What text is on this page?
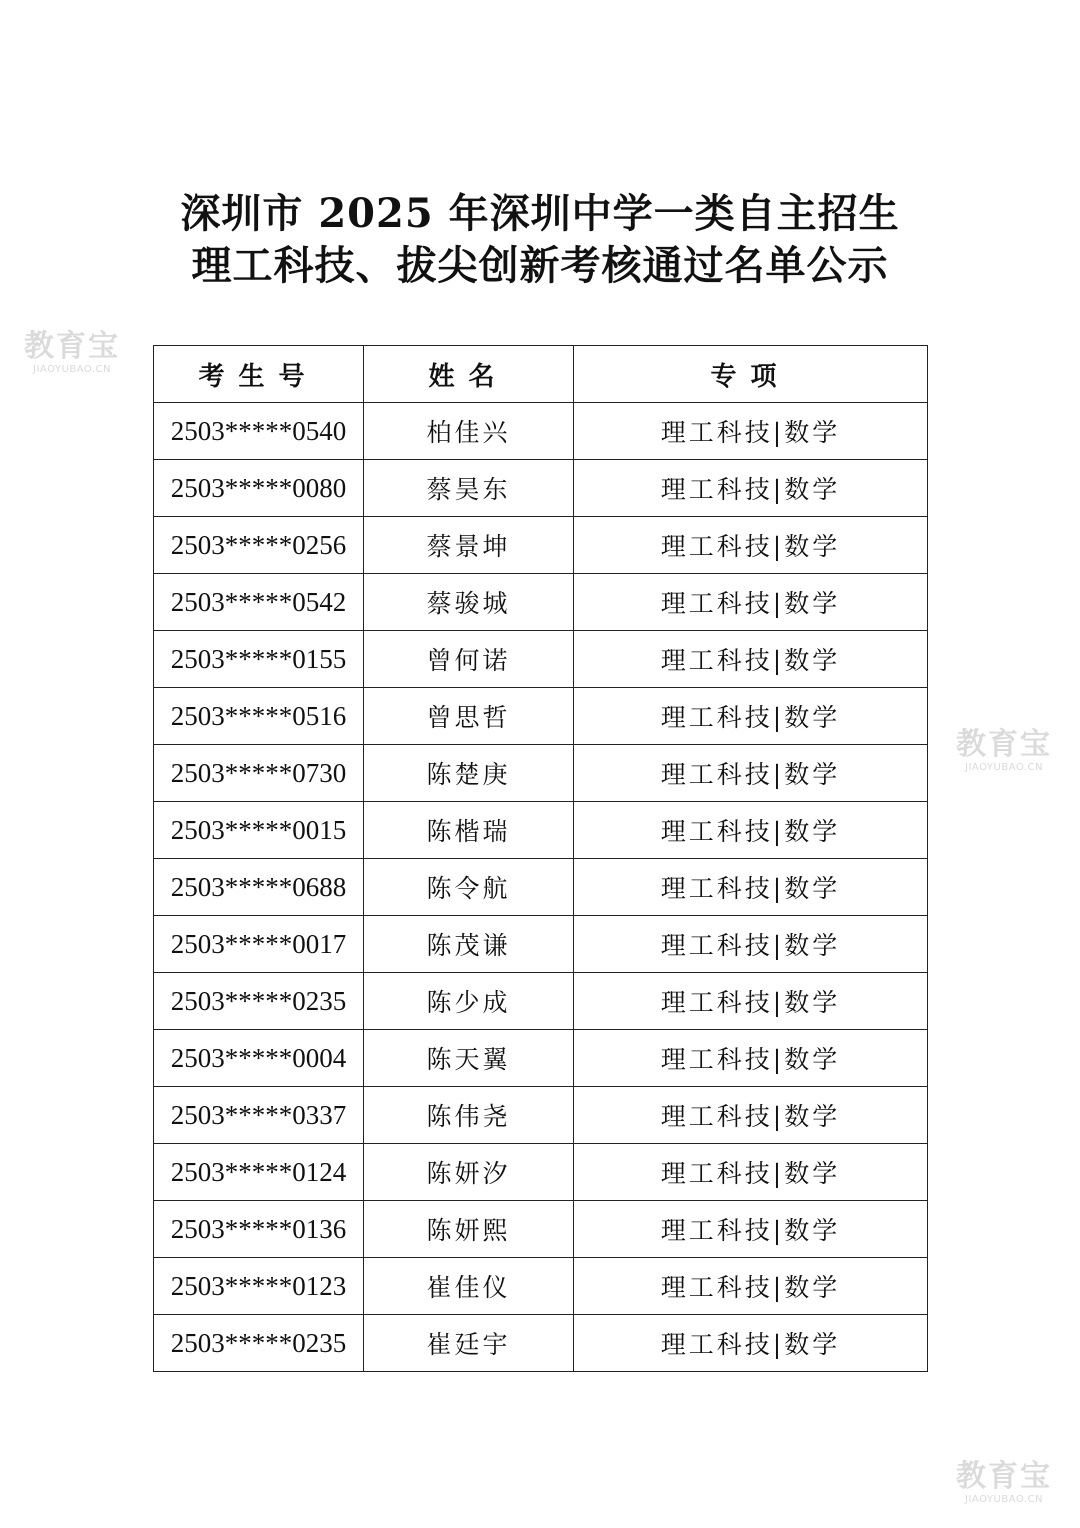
深圳市 2025 年深圳中学一类自主招生
理工科技、拔尖创新考核通过名单公示
考生号	姓名	专项
2503*****0540	柏佳兴	理工科技|数学
2503*****0080	蔡昊东	理工科技|数学
2503*****0256	蔡景坤	理工科技|数学
2503*****0542	蔡骏城	理工科技|数学
2503*****0155	曾何诺	理工科技|数学
2503*****0516	曾思哲	理工科技|数学
2503*****0730	陈楚庚	理工科技|数学
2503*****0015	陈楷瑞	理工科技|数学
2503*****0688	陈令航	理工科技|数学
2503*****0017	陈茂谦	理工科技|数学
2503*****0235	陈少成	理工科技|数学
2503*****0004	陈天翼	理工科技|数学
2503*****0337	陈伟尧	理工科技|数学
2503*****0124	陈妍汐	理工科技|数学
2503*****0136	陈妍熙	理工科技|数学
2503*****0123	崔佳仪	理工科技|数学
2503*****0235	崔廷宇	理工科技|数学
教育宝
JIAOYUBAO.CN
教育宝
JIAOYUBAO.CN
教育宝
JIAOYUBAO.CN
